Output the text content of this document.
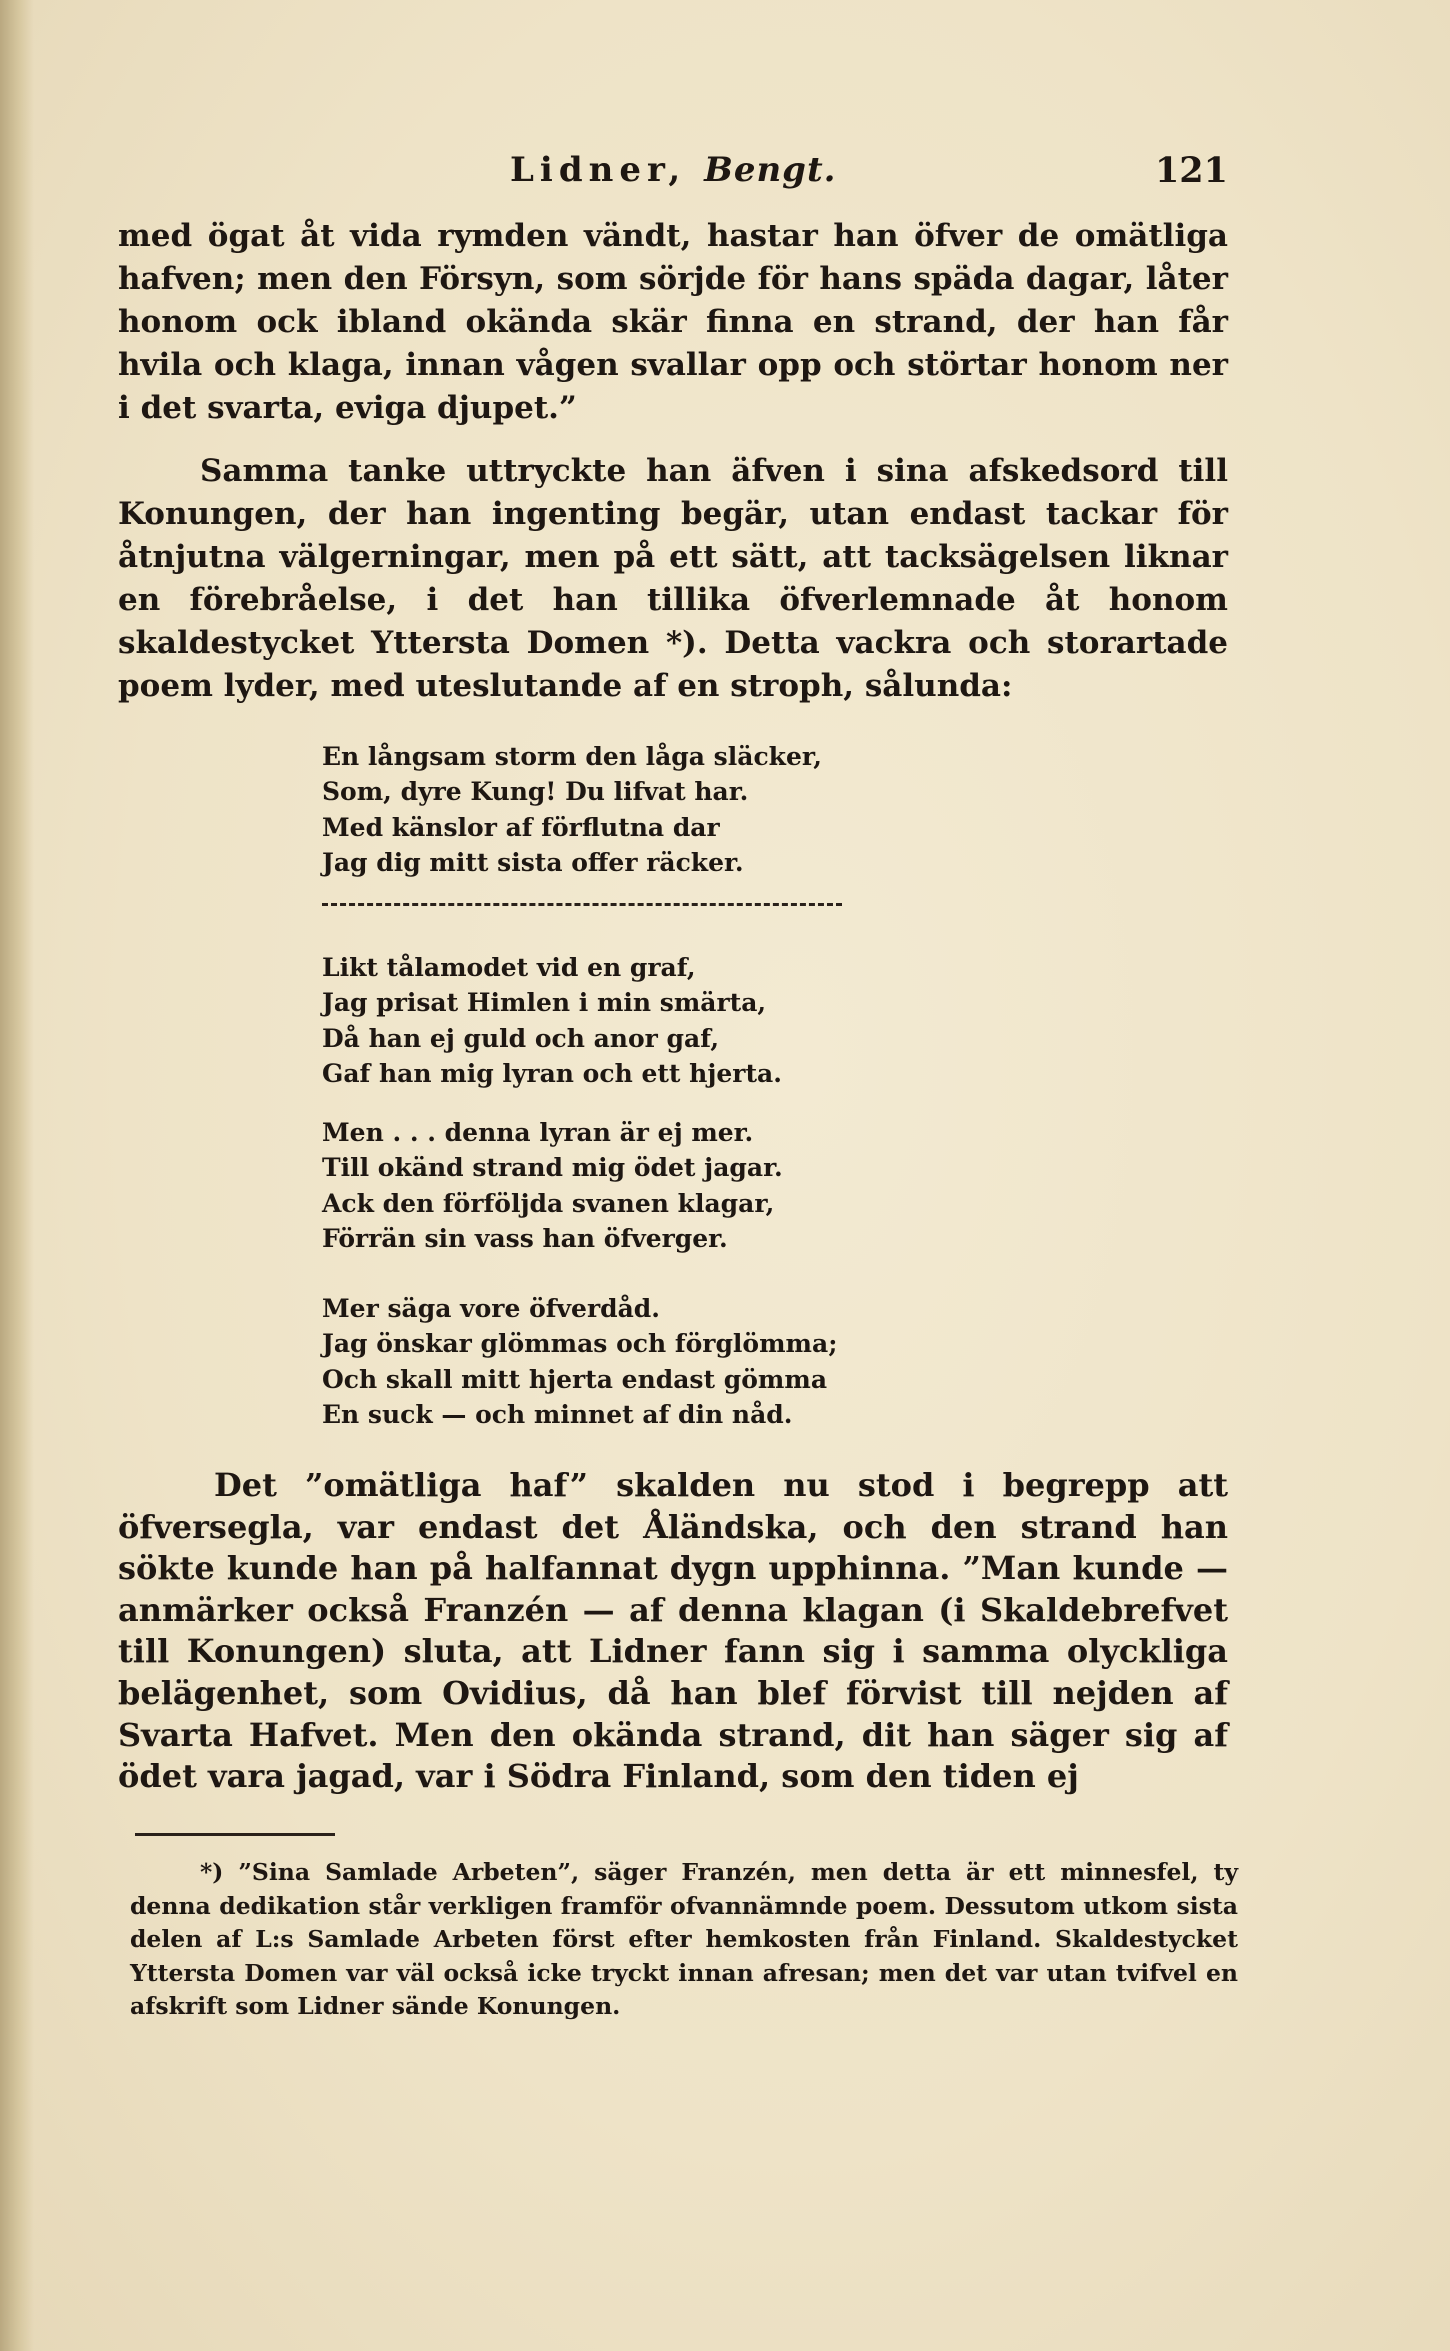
Lidner, Bengt.	121

med ögat åt vida rymden vändt, hastar han öfver de omätliga hafven; men den Försyn, som sörjde för hans späda dagar, låter honom ock ibland okända skär finna en strand, der han får hvila och klaga, innan vågen svallar opp och störtar honom ner i det svarta, eviga djupet.”

Samma tanke uttryckte han äfven i sina afskedsord till Konungen, der han ingenting begär, utan endast tackar för åtnjutna välgerningar, men på ett sätt, att tacksägelsen liknar en förebråelse, i det han tillika öfverlemnade åt honom skaldestycket Yttersta Domen *). Detta vackra och storartade poem lyder, med uteslutande af en stroph, sålunda:

En långsam storm den låga släcker,
Som, dyre Kung! Du lifvat har.
Med känslor af förflutna dar
Jag dig mitt sista offer räcker.
Likt tålamodet vid en graf,
Jag prisat Himlen i min smärta,
Då han ej guld och anor gaf,
Gaf han mig lyran och ett hjerta.
Men . . . denna lyran är ej mer.
Till okänd strand mig ödet jagar.
Ack den förföljda svanen klagar,
Förrän sin vass han öfverger.
Mer säga vore öfverdåd.
Jag önskar glömmas och förglömma;
Och skall mitt hjerta endast gömma
En suck — och minnet af din nåd.

Det ”omätliga haf” skalden nu stod i begrepp att öfversegla, var endast det Åländska, och den strand han sökte kunde han på halfannat dygn upphinna. ”Man kunde — anmärker också Franzén — af denna klagan (i Skaldebrefvet till Konungen) sluta, att Lidner fann sig i samma olyckliga belägenhet, som Ovidius, då han blef förvist till nejden af Svarta Hafvet. Men den okända strand, dit han säger sig af ödet vara jagad, var i Södra Finland, som den tiden ej

*) ”Sina Samlade Arbeten”, säger Franzén, men detta är ett minnesfel, ty denna dedikation står verkligen framför ofvannämnde poem. Dessutom utkom sista delen af L:s Samlade Arbeten först efter hemkosten från Finland. Skaldestycket Yttersta Domen var väl också icke tryckt innan afresan; men det var utan tvifvel en afskrift som Lidner sände Konungen.
